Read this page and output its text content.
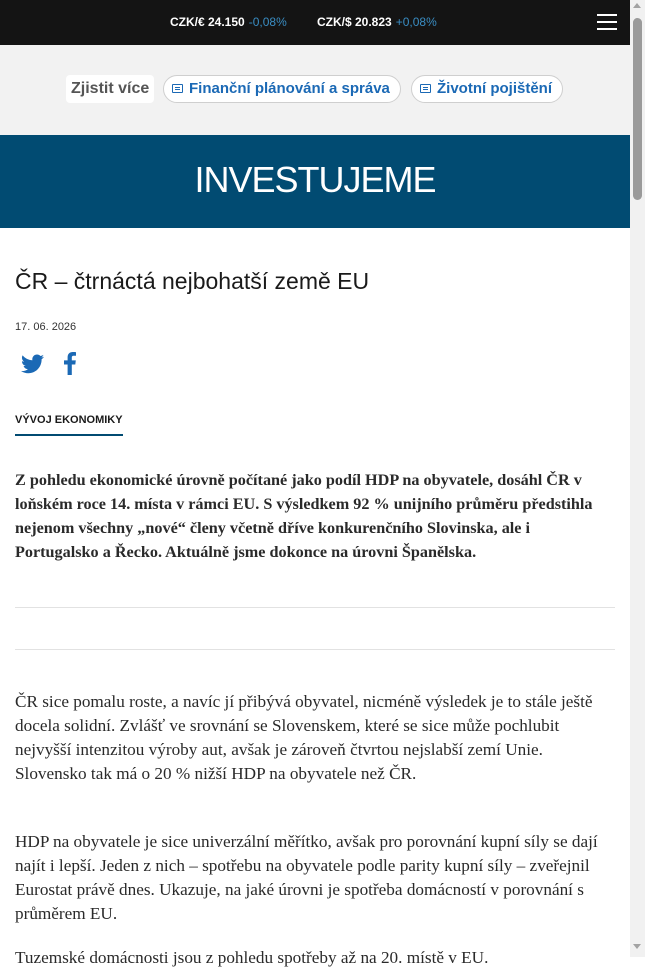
CZK/€ 24.150 -0,08%	CZK/$ 20.823 +0,08%
Zjistit více	Finanční plánování a správa	Životní pojištění
INVESTUJEME
ČR – čtrnáctá nejbohatší země EU
17. 06. 2026
VÝVOJ EKONOMIKY

Z pohledu ekonomické úrovně počítané jako podíl HDP na obyvatele, dosáhl ČR v loňském roce 14. místa v rámci EU. S výsledkem 92 % unijního průměru předstihla nejenom všechny „nové“ členy včetně dříve konkurenčního Slovinska, ale i Portugalsko a Řecko. Aktuálně jsme dokonce na úrovni Španělska.

ČR sice pomalu roste, a navíc jí přibývá obyvatel, nicméně výsledek je to stále ještě docela solidní. Zvlášť ve srovnání se Slovenskem, které se sice může pochlubit nejvyšší intenzitou výroby aut, avšak je zároveň čtvrtou nejslabší zemí Unie. Slovensko tak má o 20 % nižší HDP na obyvatele než ČR.

HDP na obyvatele je sice univerzální měřítko, avšak pro porovnání kupní síly se dají najít i lepší. Jeden z nich – spotřebu na obyvatele podle parity kupní síly – zveřejnil Eurostat právě dnes. Ukazuje, na jaké úrovni je spotřeba domácností v porovnání s průměrem EU.

Tuzemské domácnosti jsou z pohledu spotřeby až na 20. místě v EU.
